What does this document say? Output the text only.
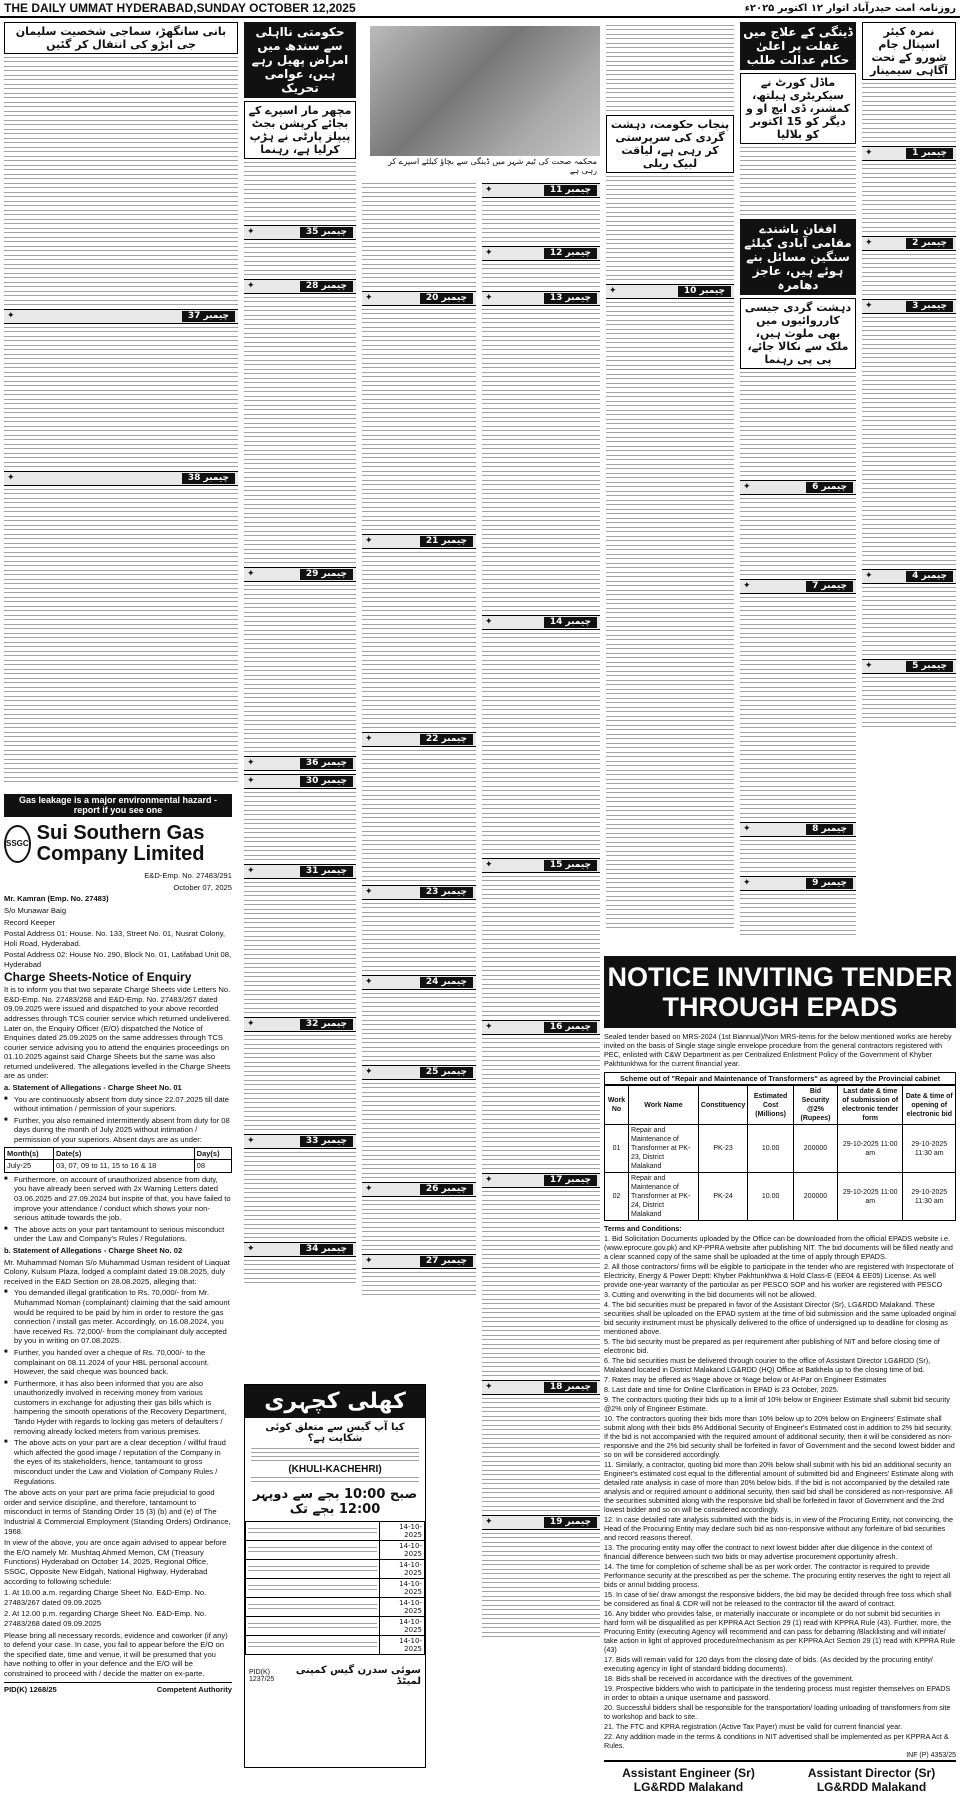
THE DAILY UMMAT HYDERABAD,SUNDAY OCTOBER 12,2025	روزنامہ امت حیدرآباد اتوار ۱۲ اکتوبر ۲۰۲۵ء
نمرہ کیئر اسپتال جام شورو کے تحت آگاہی سیمینار
چیمبر 1
✦
چیمبر 2
✦
چیمبر 3
✦
چیمبر 4
✦
چیمبر 5
✦
ڈینگی کے علاج میں غفلت پر اعلیٰ حکام عدالت طلب
ماڈل کورٹ نے سیکریٹری ہیلتھ، کمشنر، ڈی ایچ او و دیگر کو 15 اکتوبر کو بلالیا
افغان باشندے مقامی آبادی کیلئے سنگین مسائل بنے ہوئے ہیں، عاجز دھامرہ
دہشت گردی جیسی کارروائیوں میں بھی ملوث ہیں، ملک سے نکالا جائے، پی پی رہنما
چیمبر 6
✦
چیمبر 7
✦
چیمبر 8
✦
چیمبر 9
✦
پنجاب حکومت، دہشت گردی کی سرپرستی کر رہی ہے، لیاقت لبیک ریلی
چیمبر 10
✦
محکمہ صحت کی ٹیم شہر میں ڈینگی سے بچاؤ کیلئے اسپرے کر رہی ہے
چیمبر 11
✦
چیمبر 12
✦
چیمبر 13
✦
چیمبر 14
✦
چیمبر 15
✦
چیمبر 16
✦
چیمبر 17
✦
چیمبر 18
✦
چیمبر 19
✦
چیمبر 20
✦
چیمبر 21
✦
چیمبر 22
✦
چیمبر 23
✦
چیمبر 24
✦
چیمبر 25
✦
چیمبر 26
✦
چیمبر 27
✦
حکومتی نااہلی سے سندھ میں امراض پھیل رہے ہیں، عوامی تحریک
مچھر مار اسپرے کے بجائے کرپشن بجٹ پیپلز پارٹی نے ہڑپ کرلیا ہے، رہنما
چیمبر 35
✦
چیمبر 28
✦
چیمبر 29
✦
چیمبر 36
✦
چیمبر 30
✦
چیمبر 31
✦
چیمبر 32
✦
چیمبر 33
✦
چیمبر 34
✦
بانی سانگھڑ، سماجی شخصیت سلیمان جی ابڑو کی انتقال کر گئیں
چیمبر 37
✦
چیمبر 38
✦
Gas leakage is a major environmental hazard - report if you see one
SSGC Sui Southern Gas Company Limited

E&D-Emp. No. 27483/291

October 07, 2025

Mr. Kamran (Emp. No. 27483)

S/o Munawar Baig

Record Keeper

Postal Address 01: House. No. 133, Street No. 01, Nusrat Colony, Holi Road, Hyderabad.

Postal Address 02: House No. 290, Block No. 01, Latifabad Unit 08, Hyderabad

Charge Sheets-Notice of Enquiry

It is to inform you that two separate Charge Sheets vide Letters No. E&D-Emp. No. 27483/268 and E&D-Emp. No. 27483/267 dated 09.09.2025 were issued and dispatched to your above recorded addresses through TCS courier service which returned undelivered. Later on, the Enquiry Officer (E/O) dispatched the Notice of Enquiries dated 25.09.2025 on the same addresses through TCS courier service advising you to attend the enquiries proceedings on 01.10.2025 against said Charge Sheets but the same was also returned undelivered. The allegations levelled in the Charge Sheets are as under:

a. Statement of Allegations - Charge Sheet No. 01

■ You are continuously absent from duty since 22.07.2025 till date without intimation / permission of your superiors.

■ Further, you also remained intermittently absent from duty for 08 days during the month of July 2025 without intimation / permission of your superiors. Absent days are as under:

Month(s)	Date(s)	Day(s)
July-25	03, 07, 09 to 11, 15 to 16 & 18	08

■ Furthermore, on account of unauthorized absence from duty, you have already been served with 2x Warning Letters dated 03.06.2025 and 27.09.2024 but inspite of that, you have failed to improve your attendance / conduct which shows your non-serious attitude towards the job.

■ The above acts on your part tantamount to serious misconduct under the Law and Company's Rules / Regulations.

b. Statement of Allegations - Charge Sheet No. 02

Mr. Muhammad Noman S/o Muhammad Usman resident of Liaquat Colony, Kulsum Plaza, lodged a complaint dated 19.08.2025, duly received in the E&D Section on 28.08.2025, alleging that:

■ You demanded illegal gratification to Rs. 70,000/- from Mr. Muhammad Noman (complainant) claiming that the said amount would be required to be paid by him in order to restore the gas connection / install gas meter. Accordingly, on 16.08.2024, you have received Rs. 72,000/- from the complainant duly accepted by you in writing on 07.08.2025.

■ Further, you handed over a cheque of Rs. 70,000/- to the complainant on 08.11.2024 of your HBL personal account. However, the said cheque was bounced back.

■ Furthermore, it has also been informed that you are also unauthorizedly involved in receiving money from various customers in exchange for adjusting their gas bills which is hampering the smooth operations of the Recovery Department, Tando Hyder with regards to locking gas meters of defaulters / removing already locked meters from various premises.

■ The above acts on your part are a clear deception / willful fraud which affected the good image / reputation of the Company in the eyes of its stakeholders, hence, tantamount to gross misconduct under the Law and Violation of Company Rules / Regulations.

The above acts on your part are prima facie prejudicial to good order and service discipline, and therefore, tantamount to misconduct in terms of Standing Order 15 (3) (b) and (e) of The Industrial & Commercial Employment (Standing Orders) Ordinance, 1968.

In view of the above, you are once again advised to appear before the E/O namely Mr. Mushtaq Ahmed Memon, CM (Treasury Functions) Hyderabad on October 14, 2025, Regional Office, SSGC, Opposite New Eidgah, National Highway, Hyderabad according to following schedule:

1. At 10.00 a.m. regarding Charge Sheet No. E&D-Emp. No. 27483/267 dated 09.09.2025

2. At 12.00 p.m. regarding Charge Sheet No. E&D-Emp. No. 27483/268 dated 09.09.2025

Please bring all necessary records, evidence and coworker (if any) to defend your case. In case, you fail to appear before the E/O on the specified date, time and venue, it will be presumed that you have nothing to offer in your defence and the E/O will be constrained to proceed with / decide the matter on ex-parte.

PID(K) 1268/25	Competent Authority
کھلی کچہری
کیا آپ گیس سے متعلق کوئی شکایت ہے؟
(KHULI-KACHEHRI)
صبح 10:00 بجے سے دوپہر 12:00 بجے تک
14-10-2025	

14-10-2025	

14-10-2025	

14-10-2025	

14-10-2025	

14-10-2025	

14-10-2025	
PID(K) 1237/25
سوئی سدرن گیس کمپنی لمیٹڈ
NOTICE INVITING TENDER THROUGH EPADS

Sealed tender based on MRS-2024 (1st Biannual)/Non MRS-items for the below mentioned works are hereby invited on the basis of Single stage single envelope procedure from the general contractors registered with PEC, enlisted with C&W Department as per Centralized Enlistment Policy of the Government of Khyber Pakhtunkhwa for the current financial year.

Scheme out of "Repair and Maintenance of Transformers" as agreed by the Provincial cabinet
Work No	Work Name	Constituency	Estimated Cost (Millions)	Bid Security @2% (Rupees)	Last date & time of submission of electronic tender form	Date & time of opening of electronic bid
01	Repair and Maintenance of Transformer at PK-23, District Malakand	PK-23	10.00	200000	29-10-2025 11:00 am	29-10-2025 11:30 am
02	Repair and Maintenance of Transformer at PK-24, District Malakand	PK-24	10.00	200000	29-10-2025 11:00 am	29-10-2025 11:30 am
Terms and Conditions:

1. Bid Solicitation Documents uploaded by the Office can be downloaded from the official EPADS website i.e. (www.eprocure.gov.pk) and KP-PPRA website after publishing NIT. The bid documents will be filled neatly and a clear scanned copy of the same shall be uploaded at the time of apply through EPADS.

2. All those contractors/ firms will be eligible to participate in the tender who are registered with Inspectorate of Electricity, Energy & Power Deptt: Khyber Pakhtunkhwa & Hold Class-E (EE04 & EE05) License. As well provide one-year warranty of the particular as per PESCO SOP and his worker are registered with PESCO

3. Cutting and overwriting in the bid documents will not be allowed.

4. The bid securities must be prepared in favor of the Assistant Director (Sr), LG&RDD Malakand. These securities shall be uploaded on the EPAD system at the time of bid submission and the same uploaded original bid security instrument must be physically delivered to the office of undersigned up to deadline for closing as mentioned above.

5. The bid security must be prepared as per requirement after publishing of NIT and before closing time of electronic bid.

6. The bid securities must be delivered through courier to the office of Assistant Director LG&RDD (Sr), Malakand located in District Malakand LG&RDD (HQ) Office at Batkhela up to the closing time of bid.

7. Rates may be offered as %age above or %age below or At-Par on Engineer Estimates

8. Last date and time for Online Clarification in EPAD is 23 October, 2025.

9. The contractors quoting their bids up to a limit of 10% below or Engineer Estimate shall submit bid security @2% only of Engineer Estimate.

10. The contractors quoting their bids more than 10% below up to 20% below on Engineers' Estimate shall submit along with their bids 8% Additional Security of Engineer's Estimated cost in addition to 2% bid security. If the bid is not accompanied with the required amount of additional security, then it will be considered as non-responsive and the 2% bid security shall be forfeited in favor of Government and the second lowest bidder and so on will be considered accordingly.

11. Similarly, a contractor, quoting bid more than 20% below shall submit with his bid an additional security an Engineer's estimated cost equal to the differential amount of submitted bid and Engineers' Estimate along with detailed rate analysis in case of more than 20% below bids. If the bid is not accompanied by the detailed rate analysis and or required amount o additional security, then said bid shall be considered as non-responsive. All the securities submitted along with the responsive bid shall be forfeited in favor of Government and the 2nd lowest bidder and so on will be considered accordingly.

12. In case detailed rate analysis submitted with the bids is, in view of the Procuring Entity, not convincing, the Head of the Procuring Entity may declare such bid as non-responsive without any forfeiture of bid securities and record reasons thereof.

13. The procuring entity may offer the contract to next lowest bidder after due diligence in the context of financial difference between such two bids or may advertise procurement opportunity afresh.

14. The time for completion of scheme shall be as per work order. The contractor is required to provide Performance security at the prescribed as per the scheme. The procuring entity reserves the right to reject all bids or annul bidding process.

15. In case of tie/ draw amongst the responsive bidders, the bid may be decided through free toss which shall be considered as final & CDR will not be released to the contractor till the award of contract.

16. Any bidder who provides false, or materially inaccurate or incomplete or do not submit bid securities in hard form will be disqualified as per KPPRA Act Section 29 (1) read with KPPRA Rule (43). Further, more, the Procuring Entity (executing Agency will recommend and can pass for debarring /Blacklisting and will initiate/ take action in light of approved procedure/mechanism as per KPPRA Act Section 29 (1) read with KPPRA Rule (43)

17. Bids will remain valid for 120 days from the closing date of bids. (As decided by the procuring entity/ executing agency in light of standard bidding documents).

18. Bids shall be received in accordance with the directives of the government.

19. Prospective bidders who wish to participate in the tendering process must register themselves on EPADS in order to obtain a unique username and password.

20. Successful bidders shall be responsible for the transportation/ loading unloading of transformers from site to workshop and back to site.

21. The FTC and KPRA registration (Active Tax Payer) must be valid for current financial year.

22. Any addition made in the terms & conditions in NIT advertised shall be implemented as per KPPRA Act & Rules.

INF (P) 4353/25
Assistant Engineer (Sr) LG&RDD Malakand
Assistant Director (Sr) LG&RDD Malakand
